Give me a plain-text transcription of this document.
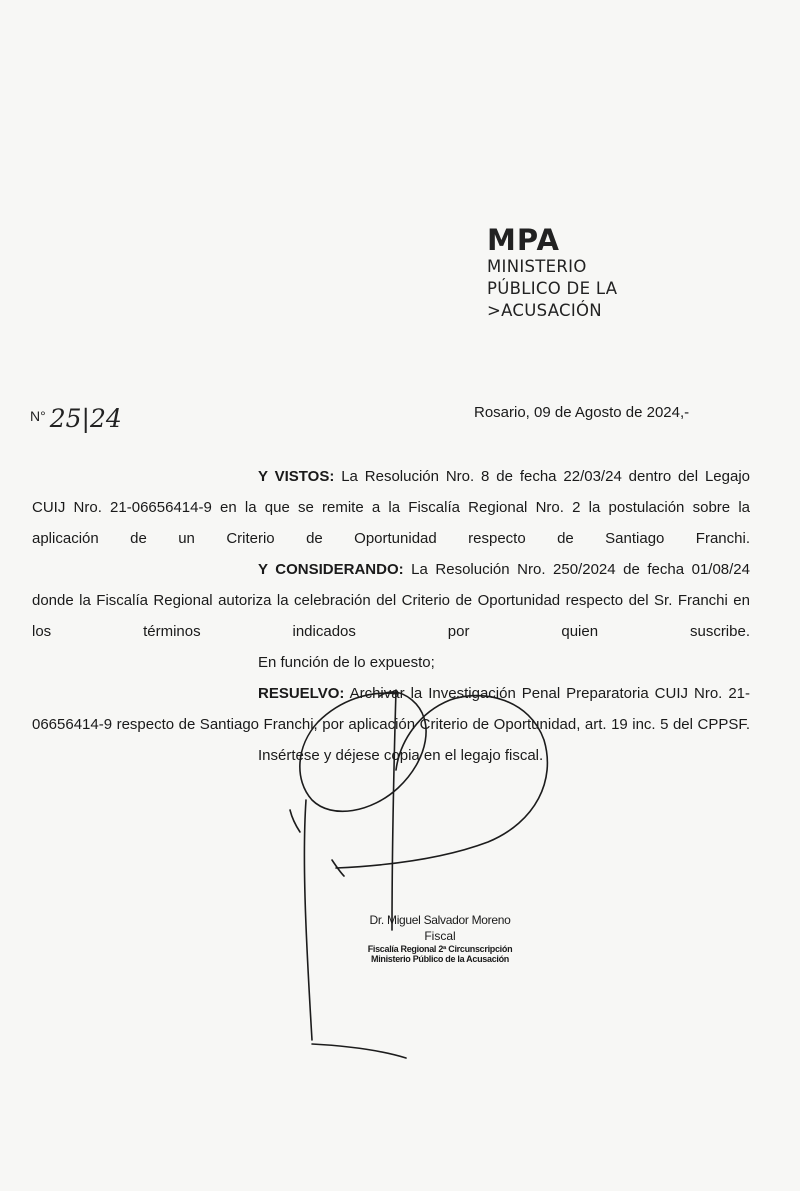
MPA
MINISTERIO
PÚBLICO DE LA
>ACUSACIÓN
$^{N^\circ}$ 25|24	Rosario, 09 de Agosto de 2024,-

Y VISTOS: La Resolución Nro. 8 de fecha 22/03/24 dentro del Legajo CUIJ Nro. 21-06656414-9 en la que se remite a la Fiscalía Regional Nro. 2 la postulación sobre la aplicación de un Criterio de Oportunidad respecto de Santiago Franchi.

Y CONSIDERANDO: La Resolución Nro. 250/2024 de fecha 01/08/24 donde la Fiscalía Regional autoriza la celebración del Criterio de Oportunidad respecto del Sr. Franchi en los términos indicados por quien suscribe.

En función de lo expuesto;

RESUELVO: Archivar la Investigación Penal Preparatoria CUIJ Nro. 21-06656414-9 respecto de Santiago Franchi, por aplicación Criterio de Oportunidad, art. 19 inc. 5 del CPPSF.

Insértese y déjese copia en el legajo fiscal.

Dr. Miguel Salvador Moreno
Fiscal
Fiscalía Regional 2ª Circunscripción
Ministerio Público de la Acusación
